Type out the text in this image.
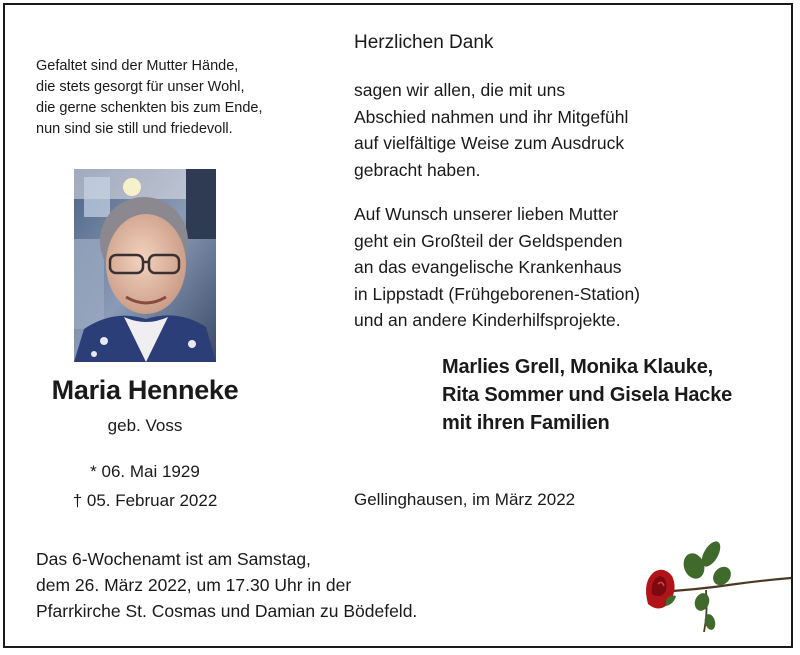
Gefaltet sind der Mutter Hände,
die stets gesorgt für unser Wohl,
die gerne schenkten bis zum Ende,
nun sind sie still und friedevoll.
Maria Henneke
geb. Voss
* 06. Mai 1929
† 05. Februar 2022
Herzlichen Dank
sagen wir allen, die mit uns
Abschied nahmen und ihr Mitgefühl
auf vielfältige Weise zum Ausdruck
gebracht haben.
Auf Wunsch unserer lieben Mutter
geht ein Großteil der Geldspenden
an das evangelische Krankenhaus
in Lippstadt (Frühgeborenen-Station)
und an andere Kinderhilfsprojekte.
Marlies Grell, Monika Klauke,
Rita Sommer und Gisela Hacke
mit ihren Familien
Gellinghausen, im März 2022
Das 6-Wochenamt ist am Samstag,
dem 26. März 2022, um 17.30 Uhr in der
Pfarrkirche St. Cosmas und Damian zu Bödefeld.
